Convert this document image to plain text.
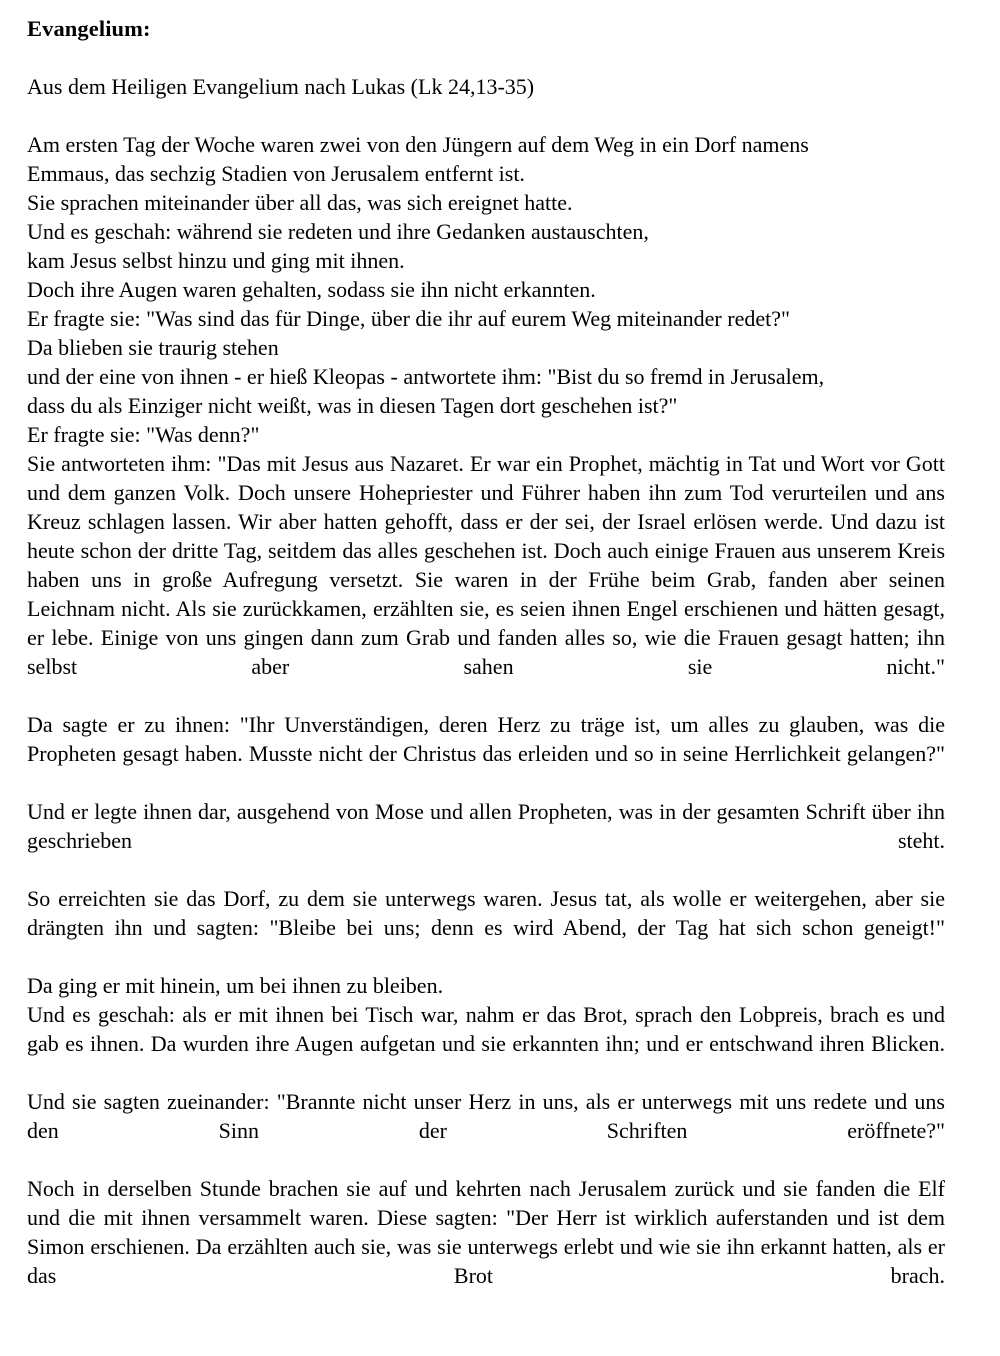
Evangelium:

Aus dem Heiligen Evangelium nach Lukas (Lk 24,13-35)

Am ersten Tag der Woche waren zwei von den Jüngern auf dem Weg in ein Dorf namens
Emmaus, das sechzig Stadien von Jerusalem entfernt ist.
Sie sprachen miteinander über all das, was sich ereignet hatte.
Und es geschah: während sie redeten und ihre Gedanken austauschten,
kam Jesus selbst hinzu und ging mit ihnen.
Doch ihre Augen waren gehalten, sodass sie ihn nicht erkannten.
Er fragte sie: "Was sind das für Dinge, über die ihr auf eurem Weg miteinander redet?"
Da blieben sie traurig stehen
und der eine von ihnen - er hieß Kleopas - antwortete ihm: "Bist du so fremd in Jerusalem,
dass du als Einziger nicht weißt, was in diesen Tagen dort geschehen ist?"
Er fragte sie: "Was denn?"

Sie antworteten ihm: "Das mit Jesus aus Nazaret. Er war ein Prophet, mächtig in Tat und Wort vor Gott und dem ganzen Volk. Doch unsere Hohepriester und Führer haben ihn zum Tod verurteilen und ans Kreuz schlagen lassen. Wir aber hatten gehofft, dass er der sei, der Israel erlösen werde. Und dazu ist heute schon der dritte Tag, seitdem das alles geschehen ist. Doch auch einige Frauen aus unserem Kreis haben uns in große Aufregung versetzt. Sie waren in der Frühe beim Grab, fanden aber seinen Leichnam nicht. Als sie zurückkamen, erzählten sie, es seien ihnen Engel erschienen und hätten gesagt, er lebe. Einige von uns gingen dann zum Grab und fanden alles so, wie die Frauen gesagt hatten; ihn selbst aber sahen sie nicht."

Da sagte er zu ihnen: "Ihr Unverständigen, deren Herz zu träge ist, um alles zu glauben, was die Propheten gesagt haben. Musste nicht der Christus das erleiden und so in seine Herrlichkeit gelangen?"

Und er legte ihnen dar, ausgehend von Mose und allen Propheten, was in der gesamten Schrift über ihn geschrieben steht.

So erreichten sie das Dorf, zu dem sie unterwegs waren. Jesus tat, als wolle er weitergehen, aber sie drängten ihn und sagten: "Bleibe bei uns; denn es wird Abend, der Tag hat sich schon geneigt!"

Da ging er mit hinein, um bei ihnen zu bleiben.

Und es geschah: als er mit ihnen bei Tisch war, nahm er das Brot, sprach den Lobpreis, brach es und gab es ihnen. Da wurden ihre Augen aufgetan und sie erkannten ihn; und er entschwand ihren Blicken.

Und sie sagten zueinander: "Brannte nicht unser Herz in uns, als er unterwegs mit uns redete und uns den Sinn der Schriften eröffnete?"

Noch in derselben Stunde brachen sie auf und kehrten nach Jerusalem zurück und sie fanden die Elf und die mit ihnen versammelt waren. Diese sagten: "Der Herr ist wirklich auferstanden und ist dem Simon erschienen. Da erzählten auch sie, was sie unterwegs erlebt und wie sie ihn erkannt hatten, als er das Brot brach.
